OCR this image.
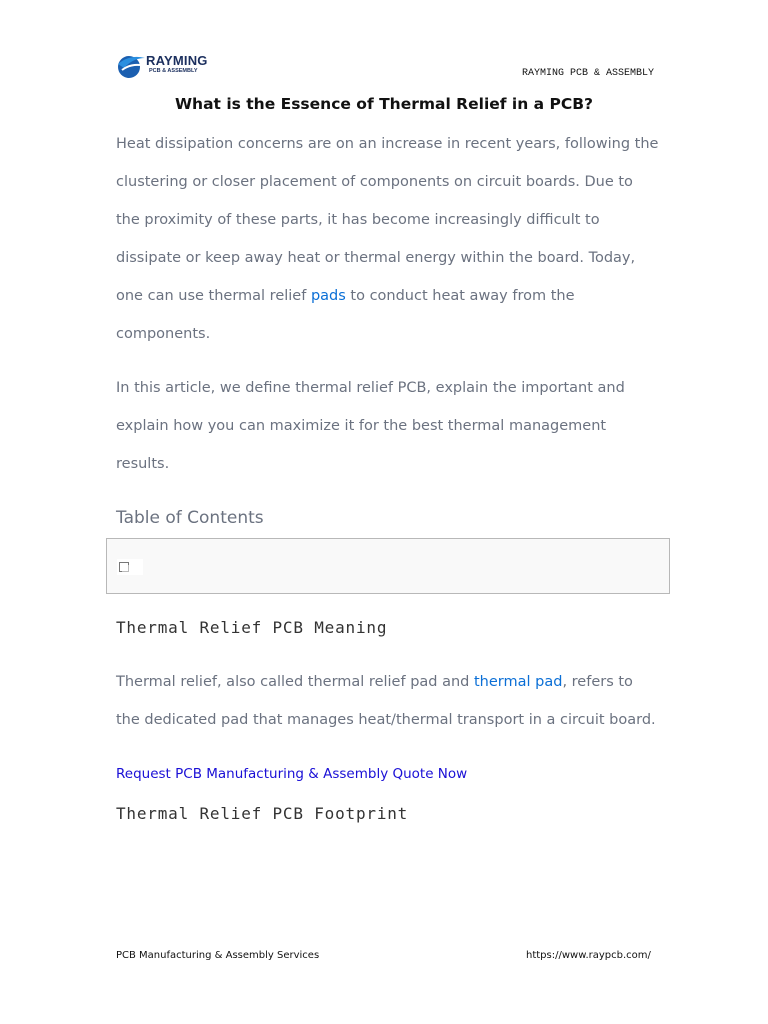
RAYMING
PCB & ASSEMBLY	RAYMING PCB & ASSEMBLY
What is the Essence of Thermal Relief in a PCB?

Heat dissipation concerns are on an increase in recent years, following the
clustering or closer placement of components on circuit boards. Due to
the proximity of these parts, it has become increasingly difficult to
dissipate or keep away heat or thermal energy within the board. Today,
one can use thermal relief pads to conduct heat away from the
components.

In this article, we define thermal relief PCB, explain the important and
explain how you can maximize it for the best thermal management
results.

Table of Contents
Thermal Relief PCB Meaning

Thermal relief, also called thermal relief pad and thermal pad, refers to
the dedicated pad that manages heat/thermal transport in a circuit board.

Request PCB Manufacturing & Assembly Quote Now
Thermal Relief PCB Footprint
PCB Manufacturing & Assembly Services	https://www.raypcb.com/
